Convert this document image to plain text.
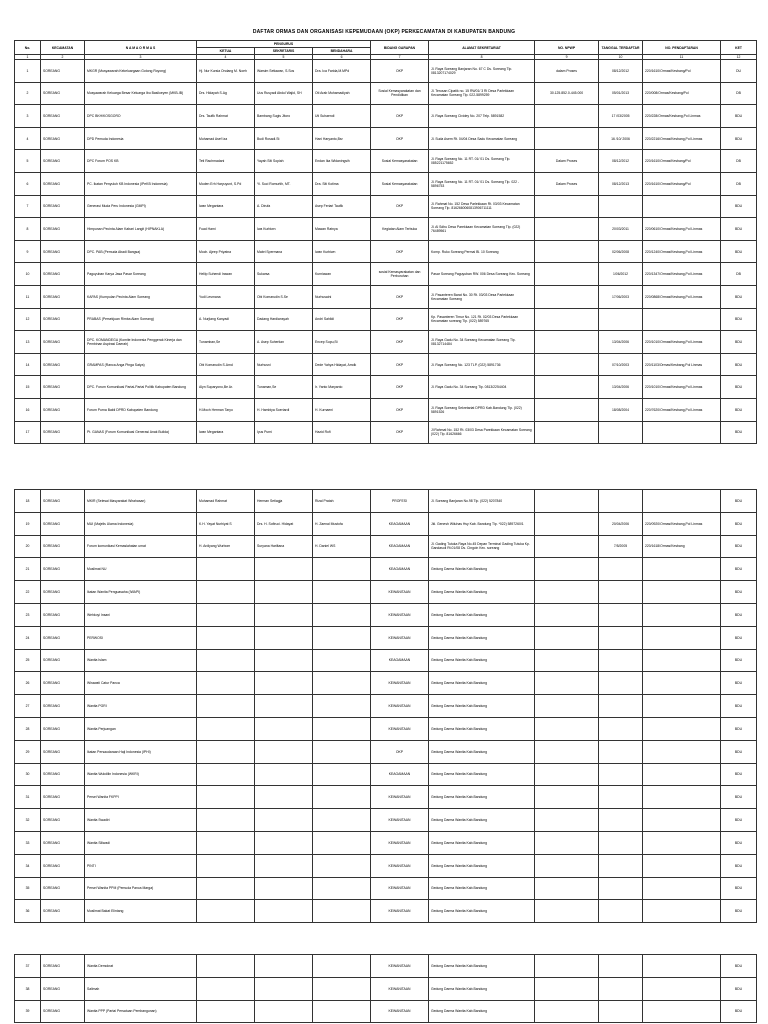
DAFTAR ORMAS DAN ORGANISASI KEPEMUDAAN (OKP) PERKECAMATAN DI KABUPATEN BANDUNG
No.	KECAMATAN	N A M A O R M A S	PENGURUS			BIDANG GARAPAN	ALAMAT SEKRETARIAT	NO. NPWP	TANGGAL TERDAFTAR	NO. PENDAFTARAN	KET
			KETUA	SEKRETARIS	BENDAHARA						
1	2	3	4	5	6	7	8	9	10	11	12
1	SOREANG	MKGR (Musyawarah Kekeluargaan Gotong Royong)	Hj. Nur Kursia Ondang M. Noeh	Warsim Setiawan, S.Sos	Dra. Ica Farida,M.MPd	OKP	Jl. Raya Soreang Banjaran No. 67 C Ds. Soreang Tlp. 0813207174029	dalam Proses	08/12/2012	220/1610/Ormas/Kesbang/Pol	DU
2	SOREANG	Musyawarah Keluarga Besar Keluarga Ibu Basiloeyen (MKB-IB)	Drs. Hidayah S.Ag	Uus Rusyadi Abdul Wajid, SH	Oti Arab Muhamadiyah	Sosial Kemasyarakatan dan Pendidikan	Jl. Terusan Cipatik no. 15 RW01/ 3 Ri Desa Parlekkaan Kecamatan Soreang Tlp. 022-5899259	30.125.852.0-445.000	05/01/2013	220/008/Ormas/Kesbang/Pol	DB
3	SOREANG	DPC BKH/KOSGORO	Drs. Taufik Rahmat	Bambang Sugis Jitoro	Uti Suhaendi	OKP	Jl. Raya Soreang Cividey No. 207 Telp. 5891582		17 /03/2005	220/228/Ormas/Kesbang,Pol Linmas	BDU
4	SOREANG	DPD Pemuda Indonesia	Muhamad Asef Iza	Budi Rosadi.St	Hani Haryanto,Bsr	OKP	Jl. Suda Asem Rt. 04/04 Desa Sadu Kecamatan Soreang		16 /10/ 2006	220/2216/Ormas/Kesbang,Pol Linmas	BDU
5	SOREANG	DPC Forum POS KB	Teti Rachmadani	Yayah Siti Sopiah	Endan Ika Widaningsih	Sosial Kemasyarakatan	Jl. Raya Soreang No. 11 RT. 01/ 01 Ds. Soreang Tlp. 085221175652	Dalam Proses	08/12/2012	220/1610/Ormas/Kesbang/Pol	DB
6	SOREANG	PC. Ikatan Penyuluh KB Indonesia (IPeKB Indonesia)	Moden Erh Haryuyunt, S.Pd	Yi. Suci Romurtih, MT.	Dra. Siti Kotima	Sosial Kemasyarakatan	Jl. Raya Soreang No. 11 RT. 01/ 01 Ds. Soreang Tlp. 022 - 5896753	Dalam Proses	08/12/2013	220/1610/Ormas/Kesbang/Pol	DB
7	SOREANG	Generasi Muda Peru Indonesia (GMPI)	Iwan Megantara	A. Dirufa	Asep Feriari Taufik	OKP	Jl. Rahmat No. 152 Desa Parlekkaan Rt. 03/03 Kecamatan Soreang Tlp. 8162660060813906711111				BDU
8	SOREANG	Himpunan Pecinta Alam Kabari Langit (HIPNAKLA)	Fuad Hami	Iwa Kurbiwn	Mawan Ratnya	Kegiatan Alam Terbuka	Jl. Al Sdhu Desa Parekkaan Kecamatan Soreang Tlp. (022) 76489561		20/03/2011	220/0610/Ormas/Kesbang,Pol Linmas	BDU
9	SOREANG	DPC. PAB (Pemuda Abadi Bangsa)	Moch. Ajeep Priyatna	Mabri Spermana	Iwan Kurbiwn	OKP	Komp. Ruko Soreang Permai Bl. 10 Soreang		02/06/2008	220/1240/Ormas/Kesbang,Pol Linmas	BDU
10	SOREANG	Paguyuban Karya Jasa Pasar Soreang	Heliip Suhendi Irawan	Sukarsa	Kurniawan	sosial Kemasyarakatan dan Perburuhan	Pasar Soreang Paguyuban RW. 006 Desa Soreang Kec. Soreang		1/06/2012	220/1347/Ormas/Kesbang,Pol Linmas	DB
11	SOREANG	KAPAS (Kumpulan Pecinta Alam Soreang	Yudi Lesmana	Obi Komarudin S.Se	Nurhusaini	OKP	Jl. Pasanteren Barat No. 30 Rt. 03/03 Desa Parlekkaan Kecamatan Soreang		17/06/2003	220/0868/Ormas/Kesbang,Pol Linmas	BDU
12	SOREANG	PRABAS (Persekjuan Rimba Alam Soreang)	A. Nurjiang Kanyadi	Dadang Hardiansyah	Andri Sahlidi	OKP	Kp. Pasanteren Timur No. 121 Rt. 02/03 Desa Parlekkaan Kecamatan soreang Tlp. (022) 589765				BDU
13	SOREANG	DPC. KOMANDEGA (Komite Indonesia Penggerak Kinerja dan Pembinan Aspirasi Daerah)	Tunamban,Se	A. Asep Suheriian	Encep Supu,St	OKP	Jl. Raya Gadu No. 34 Soreang Kecamatan Soreang Tlp. 08132714484		13/04/2006	220/1010/Ormas/Kesbang,Pol Linmas	BDU
14	SOREANG	GRAMPAS (Ranca Anga Pinga Satya)	Obi Komarudin S.Amd	Nurhusni	Dede Yahya Hidayat, Amdk	OKP	Jl. Raya Soreang No. 123 TLP. (022) 5891736		07/10/2003	220/1103/Ormas/Kesbang,Pol Linmas	BDU
15	SOREANG	DPC. Forum Komunikasi Partai-Partai Politik Kabupaten Bandung	Alyn Suparyono,Be Ar.	Tunaman,Se	Ir. Yanto Maryanto	OKP	Jl. Raya Gadu No. 34 Soreang Tlp. 0813/2254404		13/04/2006	220/1010/Ormas/Kesbang,Pol Linmas	BDU
16	SOREANG	Forum Purna Bakti DPRD Kabupaten Bandung	H.Moch Herman Taryo	H. Hambiya Soeriardi	H. Kurnaeni	OKP	Jl. Raya Soreang Sekretariat DPRD Kab.Bandung Tlp. (022) 5891526		18/08/2004	220/7620/Ormas/Kesbang,Pol Linmas	BDU
17	SOREANG	Pt. GANAS (Forum Komunikasi Generasi Anak Bulida)	Iwan Megantara	Iyus Purni	Hazid Rofi	OKP	Jl Rahmat No. 152 Rt. 03/03 Desa Parekkaan Kecamatan Soreang (022) Tlp. 81626666				BDU
18	SOREANG	MKIR (Selesai Masyarakat Wirahasan)	Muhamad Rahmat	Herman Setiagja	Rizal Pratah	PROFESI	Jl. Soreang Banjaran No.98 Tlp. (022) 5207840				BDU
19	SOREANG	MUI (Majelis Ulama Indonesia)	K.H. Yayat Nurhiyat S	Drs. H. Sofiruci. Hidayat	H. Zaenal Mustofa	KEAGAMAAN	Jkl. Genesh Wiluhas Hsy Kab. Bandung Tlp. *022) 5897260/1		20/04/2006	220/0920/Ormas/Kesbang,Pol Linmas	BDU
20	SOREANG	Forum komunikasi Kemaslahatan umat	H. Ardiyang Wurbom	Suryana Hariltana	H. Daniel WS	KEAGAMAAN	Jl. Gading Tutuka Raya No.45 Depan Terminal Gading Tutuka Kp. Gandasoli Rt.01/08 Ds. Cingcin Kec. soreang		7/5/2005	220/1618/Ormas/Kesbang	BDU
21	SOREANG	Muslimat NU				KEAGAMAAN	Gedung Darma Wanita Kab.Bandung				BDU
22	SOREANG	Ikatan Wanita Penguasaha (IWAPI)				KEWANITAAN	Gedung Darma Wanita Kab.Bandung				BDU
23	SOREANG	Wehkoyi Insani				KEWANITAAN	Gedung Darma Wanita Kab.Bandung				BDU
24	SOREANG	PERWOSI				KEWANITAAN	Gedung Darma Wanita Kab.Bandung				BDU
25	SOREANG	Wanita Islam				KEAGAMAAN	Gedung Darma Wanita Kab.Bandung				BDU
26	SOREANG	Wirawati Catur Panca				KEWANITAAN	Gedung Darma Wanita Kab.Bandung				BDU
27	SOREANG	Wanita PGRI				KEWANITAAN	Gedung Darma Wanita Kab.Bandung				BDU
28	SOREANG	Wanita Perjuangan				KEWANITAAN	Gedung Darma Wanita Kab.Bandung				BDU
29	SOREANG	Ikatan Persaudaraan Haji Indonesia (IPHI)				OKP	Gedung Darma Wanita Kab.Bandung				BDU
30	SOREANG	Wanita Wukdilin Indonesia (WKRI)				KEAGAMAAN	Gedung Darma Wanita Kab.Bandung				BDU
31	SOREANG	Persei Wanita FKPPI				KEWANITAAN	Gedung Darma Wanita Kab.Bandung				BDU
32	SOREANG	Wanita Swadiri				KEWANITAAN	Gedung Darma Wanita Kab.Bandung				BDU
33	SOREANG	Wanita Siliwadi				KEWANITAAN	Gedung Darma Wanita Kab.Bandung				BDU
34	SOREANG	PINTI				KEWANITAAN	Gedung Darma Wanita Kab.Bandung				BDU
35	SOREANG	Persei Wanita PPM (Pemuda Panca Marga)				KEWANITAAN	Gedung Darma Wanita Kab.Bandung				BDU
36	SOREANG	Muslimat Bakat Elintang				KEWANITAAN	Gedung Darma Wanita Kab.Bandung				BDU
37	SOREANG	Wanita Demokrat				KEWANITAAN	Gedung Darma Wanita Kab.Bandung				BDU
38	SOREANG	Salimah				KEWANITAAN	Gedung Darma Wanita Kab.Bandung				BDU
39	SOREANG	Wanita PPP (Partai Persatuan Pembangunan)				KEWANITAAN	Gedung Darma Wanita Kab.Bandung				BDU
